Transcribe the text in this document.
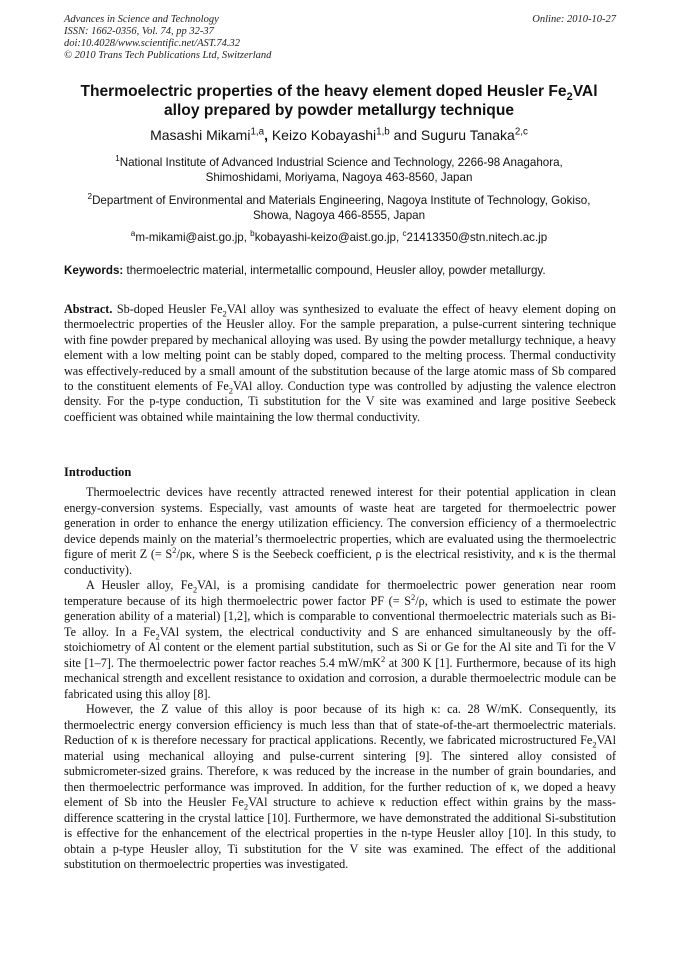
Advances in Science and Technology
ISSN: 1662-0356, Vol. 74, pp 32-37
doi:10.4028/www.scientific.net/AST.74.32
© 2010 Trans Tech Publications Ltd, Switzerland
Online: 2010-10-27
Thermoelectric properties of the heavy element doped Heusler $Fe_2VAl$
alloy prepared by powder metallurgy technique
Masashi Mikami$^{1,a}$, Keizo Kobayashi$^{1,b}$ and Suguru Tanaka$^{2,c}$
$^1$National Institute of Advanced Industrial Science and Technology, 2266-98 Anagahora,
Shimoshidami, Moriyama, Nagoya 463-8560, Japan
$^2$Department of Environmental and Materials Engineering, Nagoya Institute of Technology, Gokiso,
Showa, Nagoya 466-8555, Japan
$^a$m-mikami@aist.go.jp, $^b$kobayashi-keizo@aist.go.jp, $^c$21413350@stn.nitech.ac.jp
Keywords: thermoelectric material, intermetallic compound, Heusler alloy, powder metallurgy.
Abstract. Sb-doped Heusler $Fe_2VAl$ alloy was synthesized to evaluate the effect of heavy element doping on thermoelectric properties of the Heusler alloy. For the sample preparation, a pulse-current sintering technique with fine powder prepared by mechanical alloying was used. By using the powder metallurgy technique, a heavy element with a low melting point can be stably doped, compared to the melting process. Thermal conductivity was effectively-reduced by a small amount of the substitution because of the large atomic mass of Sb compared to the constituent elements of $Fe_2VAl$ alloy. Conduction type was controlled by adjusting the valence electron density. For the p-type conduction, Ti substitution for the V site was examined and large positive Seebeck coefficient was obtained while maintaining the low thermal conductivity.
Introduction

Thermoelectric devices have recently attracted renewed interest for their potential application in clean energy-conversion systems. Especially, vast amounts of waste heat are targeted for thermoelectric power generation in order to enhance the energy utilization efficiency. The conversion efficiency of a thermoelectric device depends mainly on the material’s thermoelectric properties, which are evaluated using the thermoelectric figure of merit Z (= $S^2/\rho\kappa$, where S is the Seebeck coefficient, ρ is the electrical resistivity, and κ is the thermal conductivity).

A Heusler alloy, $Fe_2VAl$, is a promising candidate for thermoelectric power generation near room temperature because of its high thermoelectric power factor PF (= $S^2/\rho$, which is used to estimate the power generation ability of a material) [1,2], which is comparable to conventional thermoelectric materials such as Bi-Te alloy. In a $Fe_2VAl$ system, the electrical conductivity and S are enhanced simultaneously by the off-stoichiometry of Al content or the element partial substitution, such as Si or Ge for the Al site and Ti for the V site [1–7]. The thermoelectric power factor reaches 5.4 $mW/mK^2$ at 300 K [1]. Furthermore, because of its high mechanical strength and excellent resistance to oxidation and corrosion, a durable thermoelectric module can be fabricated using this alloy [8].

However, the Z value of this alloy is poor because of its high κ: ca. 28 W/mK. Consequently, its thermoelectric energy conversion efficiency is much less than that of state-of-the-art thermoelectric materials. Reduction of κ is therefore necessary for practical applications. Recently, we fabricated microstructured $Fe_2VAl$ material using mechanical alloying and pulse-current sintering [9]. The sintered alloy consisted of submicrometer-sized grains. Therefore, κ was reduced by the increase in the number of grain boundaries, and then thermoelectric performance was improved. In addition, for the further reduction of κ, we doped a heavy element of Sb into the Heusler $Fe_2VAl$ structure to achieve κ reduction effect within grains by the mass-difference scattering in the crystal lattice [10]. Furthermore, we have demonstrated the additional Si-substitution is effective for the enhancement of the electrical properties in the n-type Heusler alloy [10]. In this study, to obtain a p-type Heusler alloy, Ti substitution for the V site was examined. The effect of the additional substitution on thermoelectric properties was investigated.
